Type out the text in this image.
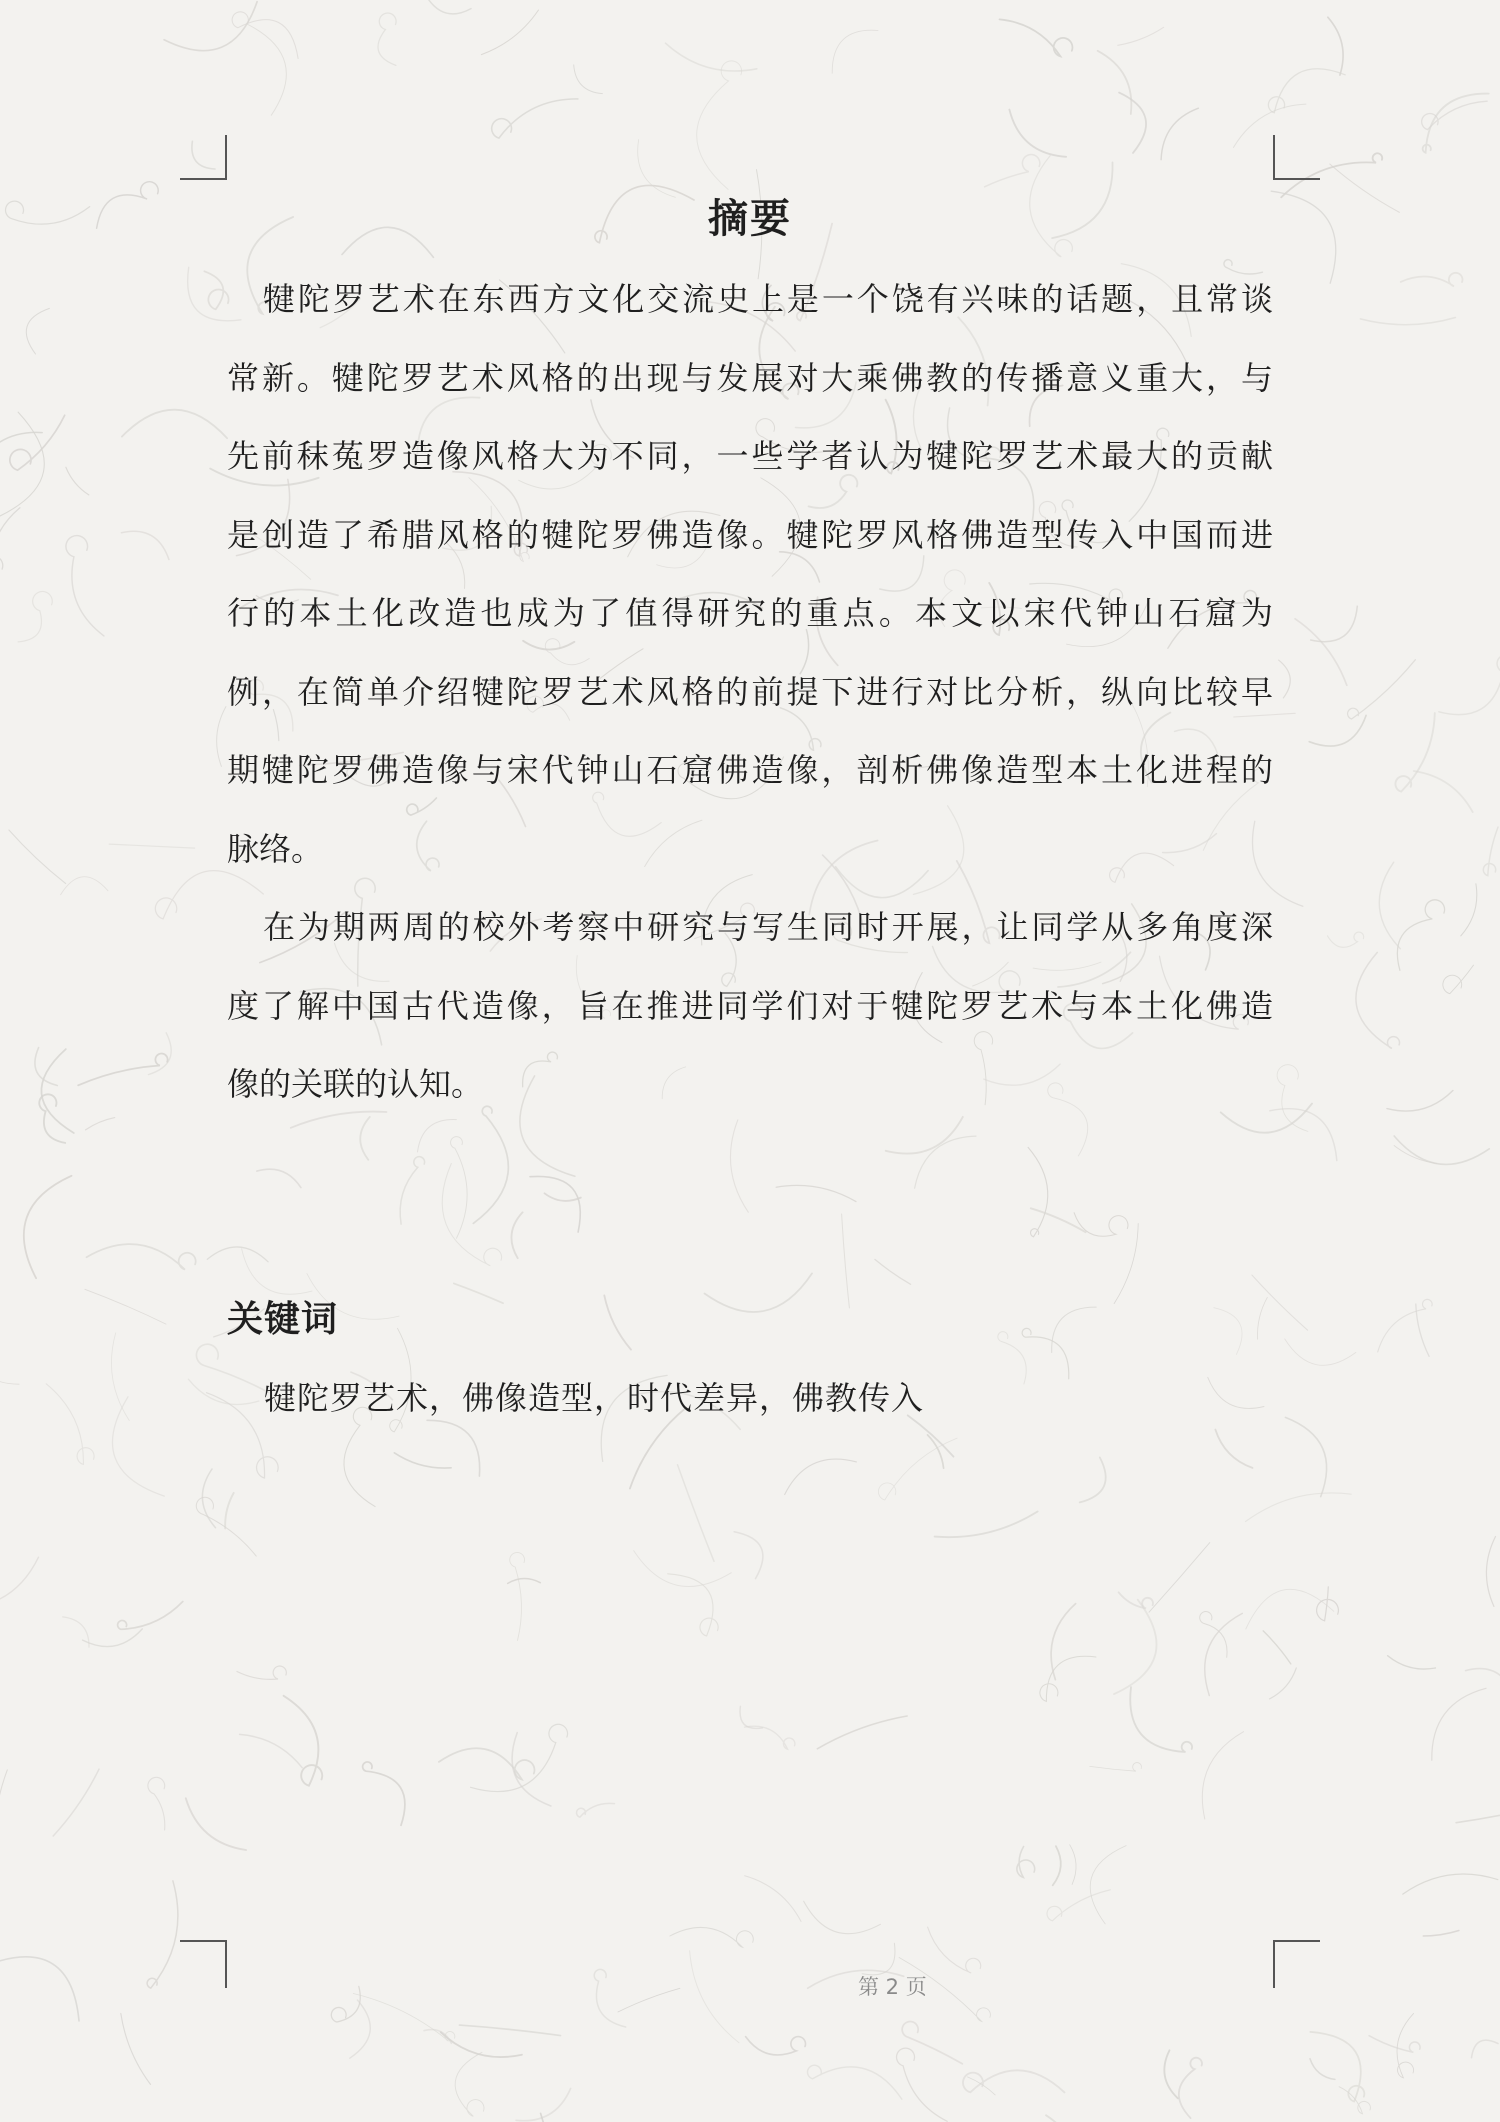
摘要
犍陀罗艺术在东西方文化交流史上是一个饶有兴味的话题，且常谈
常新。犍陀罗艺术风格的出现与发展对大乘佛教的传播意义重大，与
先前秣菟罗造像风格大为不同，一些学者认为犍陀罗艺术最大的贡献
是创造了希腊风格的犍陀罗佛造像。犍陀罗风格佛造型传入中国而进
行的本土化改造也成为了值得研究的重点。本文以宋代钟山石窟为
例，在简单介绍犍陀罗艺术风格的前提下进行对比分析，纵向比较早
期犍陀罗佛造像与宋代钟山石窟佛造像，剖析佛像造型本土化进程的
脉络。
在为期两周的校外考察中研究与写生同时开展，让同学从多角度深
度了解中国古代造像，旨在推进同学们对于犍陀罗艺术与本土化佛造
像的关联的认知。
关键词
犍陀罗艺术，佛像造型，时代差异，佛教传入
第 2 页
